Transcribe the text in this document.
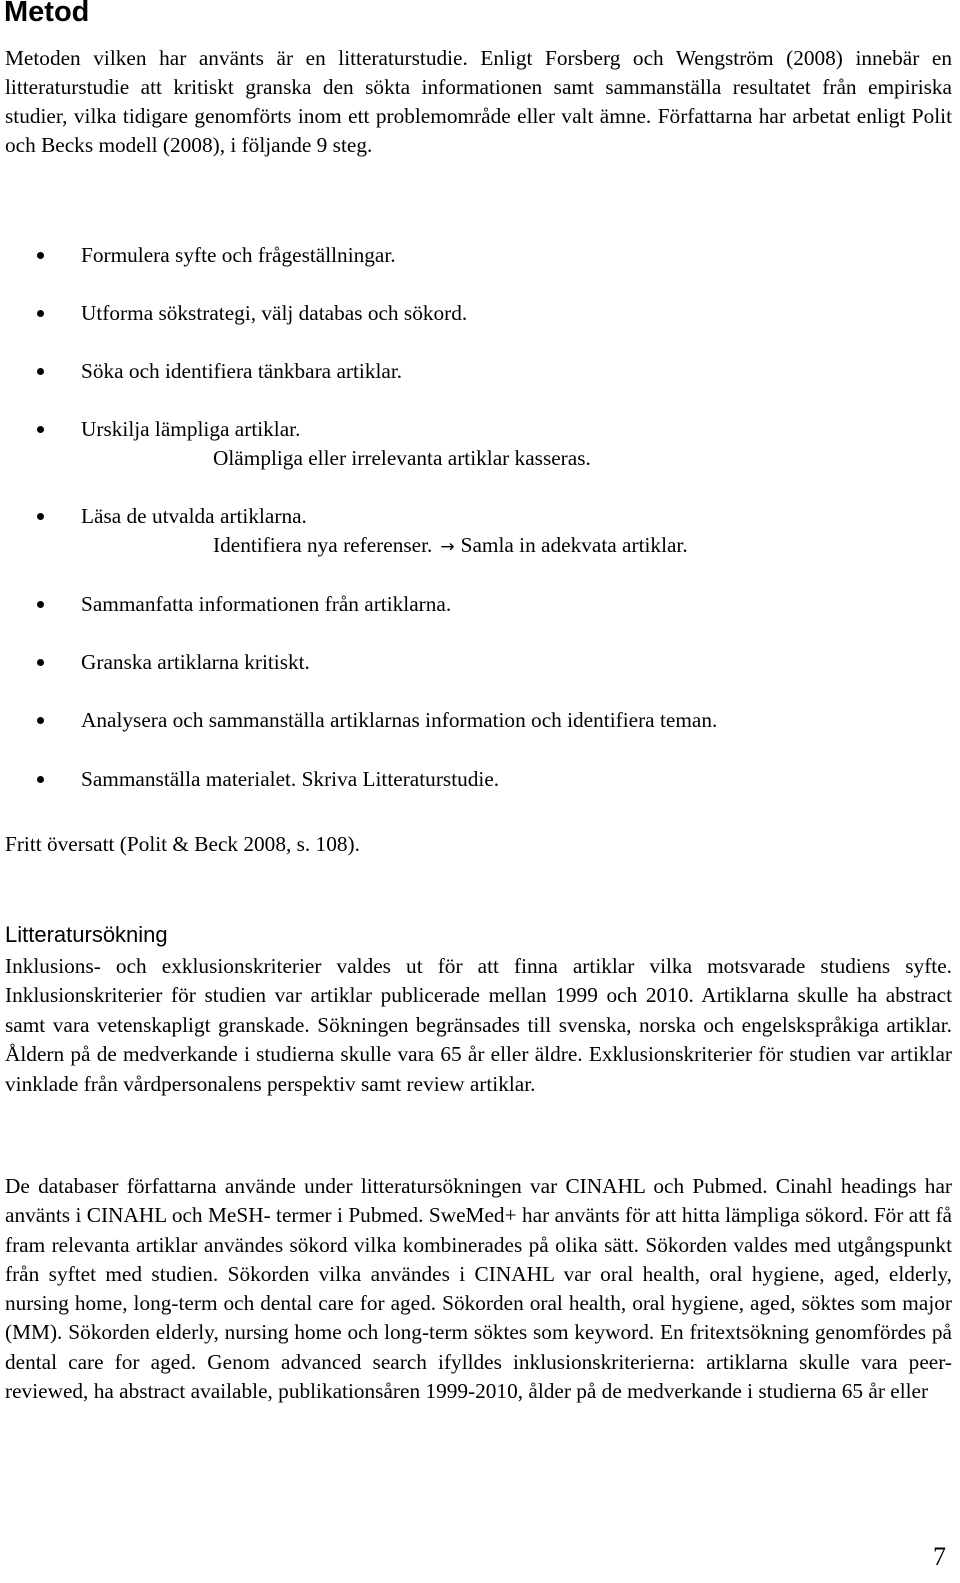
Metod

Metoden vilken har använts är en litteraturstudie. Enligt Forsberg och Wengström (2008) innebär en litteraturstudie att kritiskt granska den sökta informationen samt sammanställa resultatet från empiriska studier, vilka tidigare genomförts inom ett problemområde eller valt ämne. Författarna har arbetat enligt Polit och Becks modell (2008), i följande 9 steg.

Formulera syfte och frågeställningar.
Utforma sökstrategi, välj databas och sökord.
Söka och identifiera tänkbara artiklar.
Urskilja lämpliga artiklar.
Olämpliga eller irrelevanta artiklar kasseras.
Läsa de utvalda artiklarna.
Identifiera nya referenser. → Samla in adekvata artiklar.
Sammanfatta informationen från artiklarna.
Granska artiklarna kritiskt.
Analysera och sammanställa artiklarnas information och identifiera teman.
Sammanställa materialet. Skriva Litteraturstudie.

Fritt översatt (Polit & Beck 2008, s. 108).

Litteratursökning

Inklusions- och exklusionskriterier valdes ut för att finna artiklar vilka motsvarade studiens syfte. Inklusionskriterier för studien var artiklar publicerade mellan 1999 och 2010. Artiklarna skulle ha abstract samt vara vetenskapligt granskade. Sökningen begränsades till svenska, norska och engelskspråkiga artiklar. Åldern på de medverkande i studierna skulle vara 65 år eller äldre. Exklusionskriterier för studien var artiklar vinklade från vårdpersonalens perspektiv samt review artiklar.

De databaser författarna använde under litteratursökningen var CINAHL och Pubmed. Cinahl headings har använts i CINAHL och MeSH- termer i Pubmed. SweMed+ har använts för att hitta lämpliga sökord. För att få fram relevanta artiklar användes sökord vilka kombinerades på olika sätt. Sökorden valdes med utgångspunkt från syftet med studien. Sökorden vilka användes i CINAHL var oral health, oral hygiene, aged, elderly, nursing home, long-term och dental care for aged. Sökorden oral health, oral hygiene, aged, söktes som major (MM). Sökorden elderly, nursing home och long-term söktes som keyword. En fritextsökning genomfördes på dental care for aged. Genom advanced search ifylldes inklusionskriterierna: artiklarna skulle vara peer-reviewed, ha abstract available, publikationsåren 1999-2010, ålder på de medverkande i studierna 65 år eller

7
